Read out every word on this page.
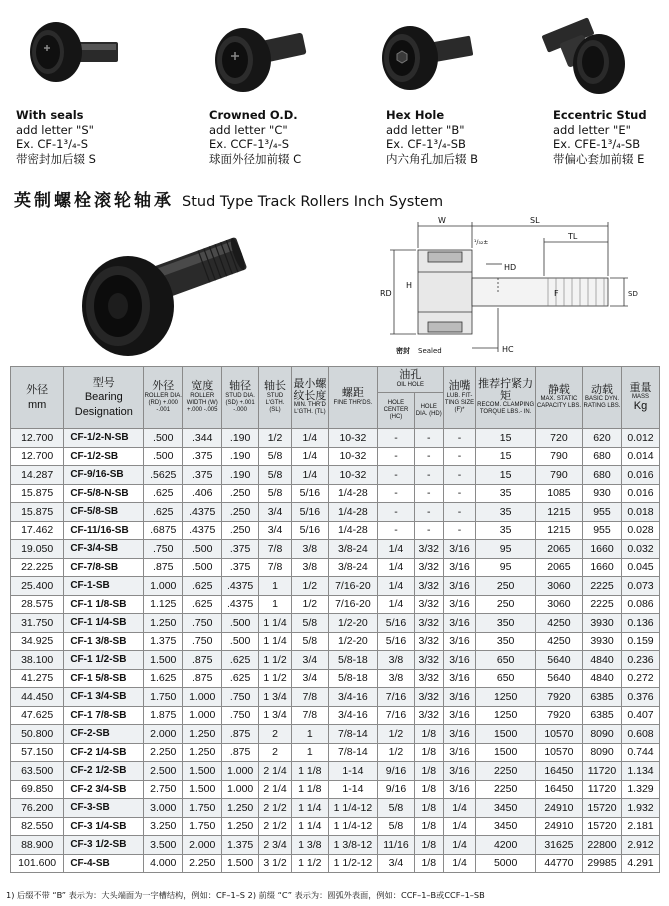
With seals
add letter "S"
Ex. CF-1³/₄-S
带密封加后辍 S
Crowned O.D.
add letter "C"
Ex. CCF-1³/₄-S
球面外径加前辍 C
Hex Hole
add letter "B"
Ex. CF-1³/₄-SB
内六角孔加后辍 B
Eccentric Stud
add letter "E"
Ex. CFE-1³/₄-SB
带偏心套加前辍 E
英制螺栓滚轮轴承 Stud Type Track Rollers Inch System
W	SL
TL
¹/₃₂±
HD
F	SD
RD
H
HC
密封 Sealed
外径
mm	型号
Bearing
Designation	外径
ROLLER DIA. (RD) +.000 -.001	宽度
ROLLER WIDTH (W) +.000 -.005	轴径
STUD DIA. (SD) +.001 -.000	轴长
STUD L'GTH. (SL)	最小螺纹长度
MIN. THR'D L'GTH. (TL)	螺距
FINE THR'DS.	油孔
OIL HOLE		油嘴
LUB. FIT- TING SIZE (F)*	推荐拧紧力矩
RECOM. CLAMPING TORQUE LBS.- IN.	静载
MAX. STATIC CAPACITY LBS.	动载
BASIC DYN. RATING LBS.	重量
MASS
Kg

								HOLE CENTER (HC)	HOLE DIA. (HD)					

12.700	CF-1/2-N-SB	.500	.344	.190	1/2	1/4	10-32	-	-	-	15	720	620	0.012
12.700	CF-1/2-SB	.500	.375	.190	5/8	1/4	10-32	-	-	-	15	790	680	0.014
14.287	CF-9/16-SB	.5625	.375	.190	5/8	1/4	10-32	-	-	-	15	790	680	0.016
15.875	CF-5/8-N-SB	.625	.406	.250	5/8	5/16	1/4-28	-	-	-	35	1085	930	0.016
15.875	CF-5/8-SB	.625	.4375	.250	3/4	5/16	1/4-28	-	-	-	35	1215	955	0.018
17.462	CF-11/16-SB	.6875	.4375	.250	3/4	5/16	1/4-28	-	-	-	35	1215	955	0.028
19.050	CF-3/4-SB	.750	.500	.375	7/8	3/8	3/8-24	1/4	3/32	3/16	95	2065	1660	0.032
22.225	CF-7/8-SB	.875	.500	.375	7/8	3/8	3/8-24	1/4	3/32	3/16	95	2065	1660	0.045
25.400	CF-1-SB	1.000	.625	.4375	1	1/2	7/16-20	1/4	3/32	3/16	250	3060	2225	0.073
28.575	CF-1 1/8-SB	1.125	.625	.4375	1	1/2	7/16-20	1/4	3/32	3/16	250	3060	2225	0.086
31.750	CF-1 1/4-SB	1.250	.750	.500	1 1/4	5/8	1/2-20	5/16	3/32	3/16	350	4250	3930	0.136
34.925	CF-1 3/8-SB	1.375	.750	.500	1 1/4	5/8	1/2-20	5/16	3/32	3/16	350	4250	3930	0.159
38.100	CF-1 1/2-SB	1.500	.875	.625	1 1/2	3/4	5/8-18	3/8	3/32	3/16	650	5640	4840	0.236
41.275	CF-1 5/8-SB	1.625	.875	.625	1 1/2	3/4	5/8-18	3/8	3/32	3/16	650	5640	4840	0.272
44.450	CF-1 3/4-SB	1.750	1.000	.750	1 3/4	7/8	3/4-16	7/16	3/32	3/16	1250	7920	6385	0.376
47.625	CF-1 7/8-SB	1.875	1.000	.750	1 3/4	7/8	3/4-16	7/16	3/32	3/16	1250	7920	6385	0.407
50.800	CF-2-SB	2.000	1.250	.875	2	1	7/8-14	1/2	1/8	3/16	1500	10570	8090	0.608
57.150	CF-2 1/4-SB	2.250	1.250	.875	2	1	7/8-14	1/2	1/8	3/16	1500	10570	8090	0.744
63.500	CF-2 1/2-SB	2.500	1.500	1.000	2 1/4	1 1/8	1-14	9/16	1/8	3/16	2250	16450	11720	1.134
69.850	CF-2 3/4-SB	2.750	1.500	1.000	2 1/4	1 1/8	1-14	9/16	1/8	3/16	2250	16450	11720	1.329
76.200	CF-3-SB	3.000	1.750	1.250	2 1/2	1 1/4	1 1/4-12	5/8	1/8	1/4	3450	24910	15720	1.932
82.550	CF-3 1/4-SB	3.250	1.750	1.250	2 1/2	1 1/4	1 1/4-12	5/8	1/8	1/4	3450	24910	15720	2.181
88.900	CF-3 1/2-SB	3.500	2.000	1.375	2 3/4	1 3/8	1 3/8-12	11/16	1/8	1/4	4200	31625	22800	2.912
101.600	CF-4-SB	4.000	2.250	1.500	3 1/2	1 1/2	1 1/2-12	3/4	1/8	1/4	5000	44770	29985	4.291
1) 后缀不带 “B” 表示为：大头端面为一字槽结构，例如：CF–1–S 2) 前缀 “C” 表示为：圆弧外表面，例如：CCF–1–B或CCF–1–SB
